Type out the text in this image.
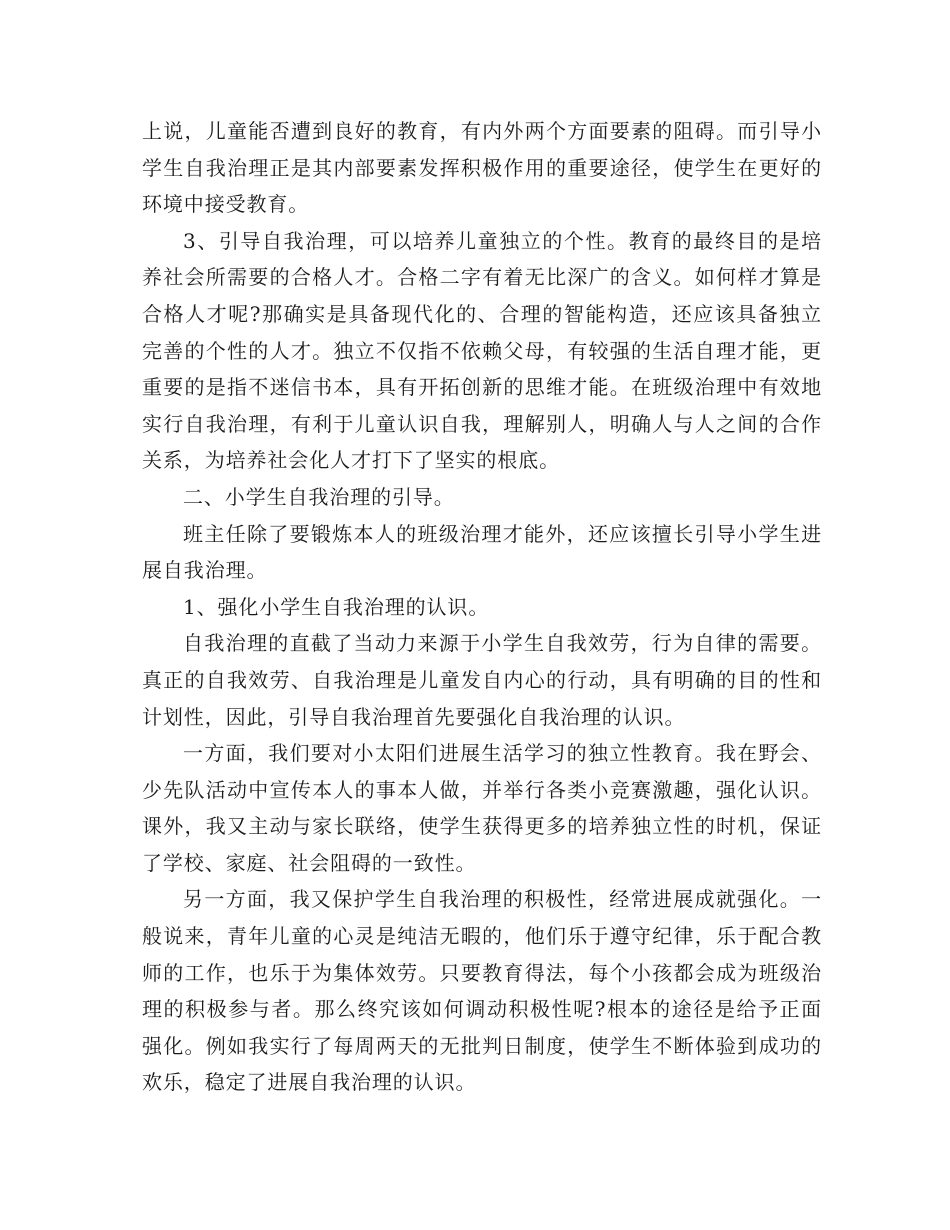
上说，儿童能否遭到良好的教育，有内外两个方面要素的阻碍。而引导小学生自我治理正是其内部要素发挥积极作用的重要途径，使学生在更好的环境中接受教育。

3、引导自我治理，可以培养儿童独立的个性。教育的最终目的是培养社会所需要的合格人才。合格二字有着无比深广的含义。如何样才算是合格人才呢?那确实是具备现代化的、合理的智能构造，还应该具备独立完善的个性的人才。独立不仅指不依赖父母，有较强的生活自理才能，更重要的是指不迷信书本，具有开拓创新的思维才能。在班级治理中有效地实行自我治理，有利于儿童认识自我，理解别人，明确人与人之间的合作关系，为培养社会化人才打下了坚实的根底。

二、小学生自我治理的引导。

班主任除了要锻炼本人的班级治理才能外，还应该擅长引导小学生进展自我治理。

1、强化小学生自我治理的认识。

自我治理的直截了当动力来源于小学生自我效劳，行为自律的需要。真正的自我效劳、自我治理是儿童发自内心的行动，具有明确的目的性和计划性，因此，引导自我治理首先要强化自我治理的认识。

一方面，我们要对小太阳们进展生活学习的独立性教育。我在野会、少先队活动中宣传本人的事本人做，并举行各类小竞赛激趣，强化认识。课外，我又主动与家长联络，使学生获得更多的培养独立性的时机，保证了学校、家庭、社会阻碍的一致性。

另一方面，我又保护学生自我治理的积极性，经常进展成就强化。一般说来，青年儿童的心灵是纯洁无暇的，他们乐于遵守纪律，乐于配合教师的工作，也乐于为集体效劳。只要教育得法，每个小孩都会成为班级治理的积极参与者。那么终究该如何调动积极性呢?根本的途径是给予正面强化。例如我实行了每周两天的无批判日制度，使学生不断体验到成功的欢乐，稳定了进展自我治理的认识。
